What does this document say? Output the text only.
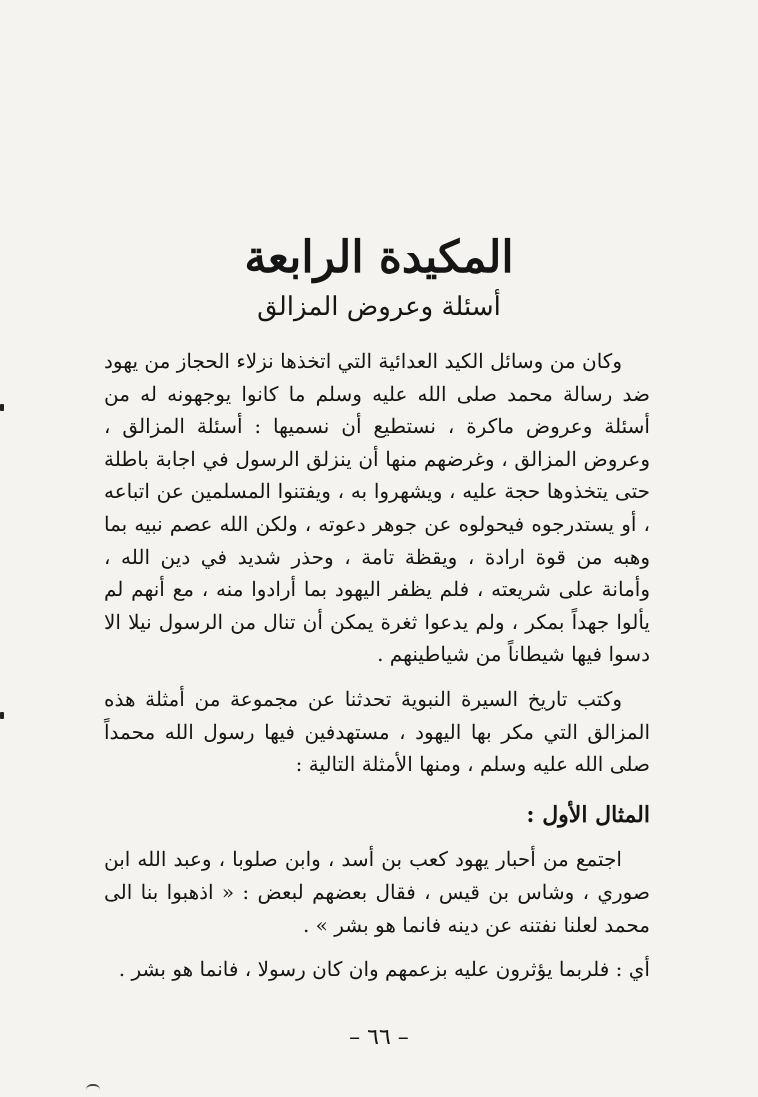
المكيدة الرابعة
أسئلة وعروض المزالق

وكان من وسائل الكيد العدائية التي اتخذها نزلاء الحجاز من يهود ضد رسالة محمد صلى الله عليه وسلم ما كانوا يوجهونه له من أسئلة وعروض ماكرة ، نستطيع أن نسميها : أسئلة المزالق ، وعروض المزالق ، وغرضهم منها أن ينزلق الرسول في اجابة باطلة حتى يتخذوها حجة عليه ، ويشهروا به ، ويفتنوا المسلمين عن اتباعه ، أو يستدرجوه فيحولوه عن جوهر دعوته ، ولكن الله عصم نبيه بما وهبه من قوة ارادة ، ويقظة تامة ، وحذر شديد في دين الله ، وأمانة على شريعته ، فلم يظفر اليهود بما أرادوا منه ، مع أنهم لم يألوا جهداً بمكر ، ولم يدعوا ثغرة يمكن أن تنال من الرسول نيلا الا دسوا فيها شيطاناً من شياطينهم .

وكتب تاريخ السيرة النبوية تحدثنا عن مجموعة من أمثلة هذه المزالق التي مكر بها اليهود ، مستهدفين فيها رسول الله محمداً صلى الله عليه وسلم ، ومنها الأمثلة التالية :

المثال الأول :

اجتمع من أحبار يهود كعب بن أسد ، وابن صلوبا ، وعبد الله ابن صوري ، وشاس بن قيس ، فقال بعضهم لبعض : « اذهبوا بنا الى محمد لعلنا نفتنه عن دينه فانما هو بشر » .

أي : فلربما يؤثرون عليه بزعمهم وان كان رسولا ، فانما هو بشر .

– ٦٦ –
